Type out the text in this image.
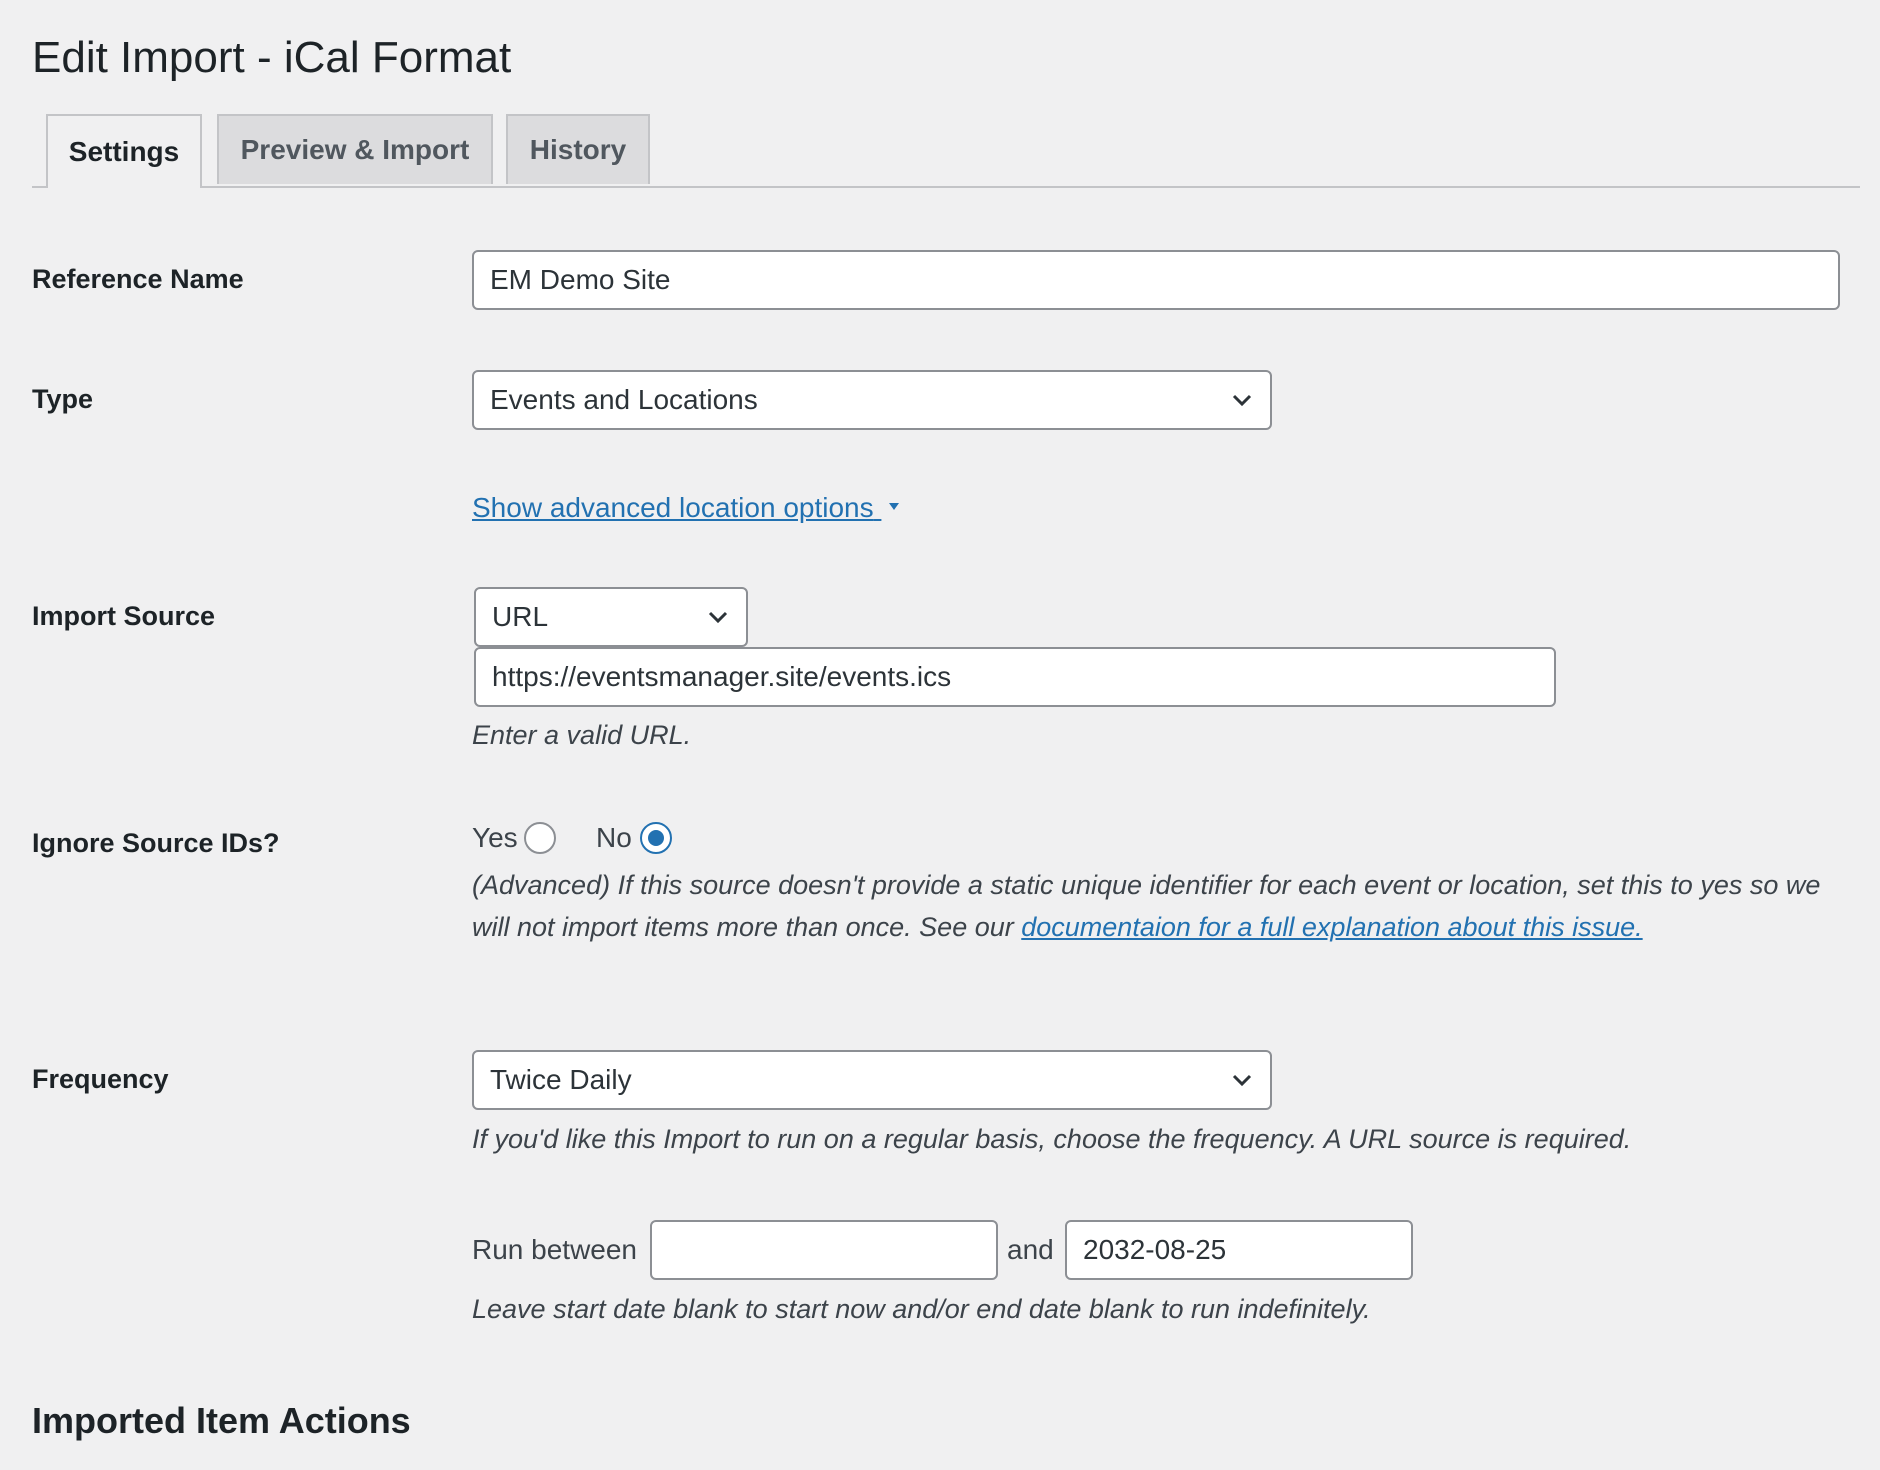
Edit Import - iCal Format
Settings	Preview & Import	History
Reference Name	EM Demo Site
Type	Events and Locations
Show advanced location options
Import Source	URL
https://eventsmanager.site/events.ics
Enter a valid URL.
Ignore Source IDs?	Yes	No
(Advanced) If this source doesn't provide a static unique identifier for each event or location, set this to yes so we will not import items more than once. See our documentaion for a full explanation about this issue.
Frequency	Twice Daily
If you'd like this Import to run on a regular basis, choose the frequency. A URL source is required.
Run between	and 2032-08-25
Leave start date blank to start now and/or end date blank to run indefinitely.
Imported Item Actions
